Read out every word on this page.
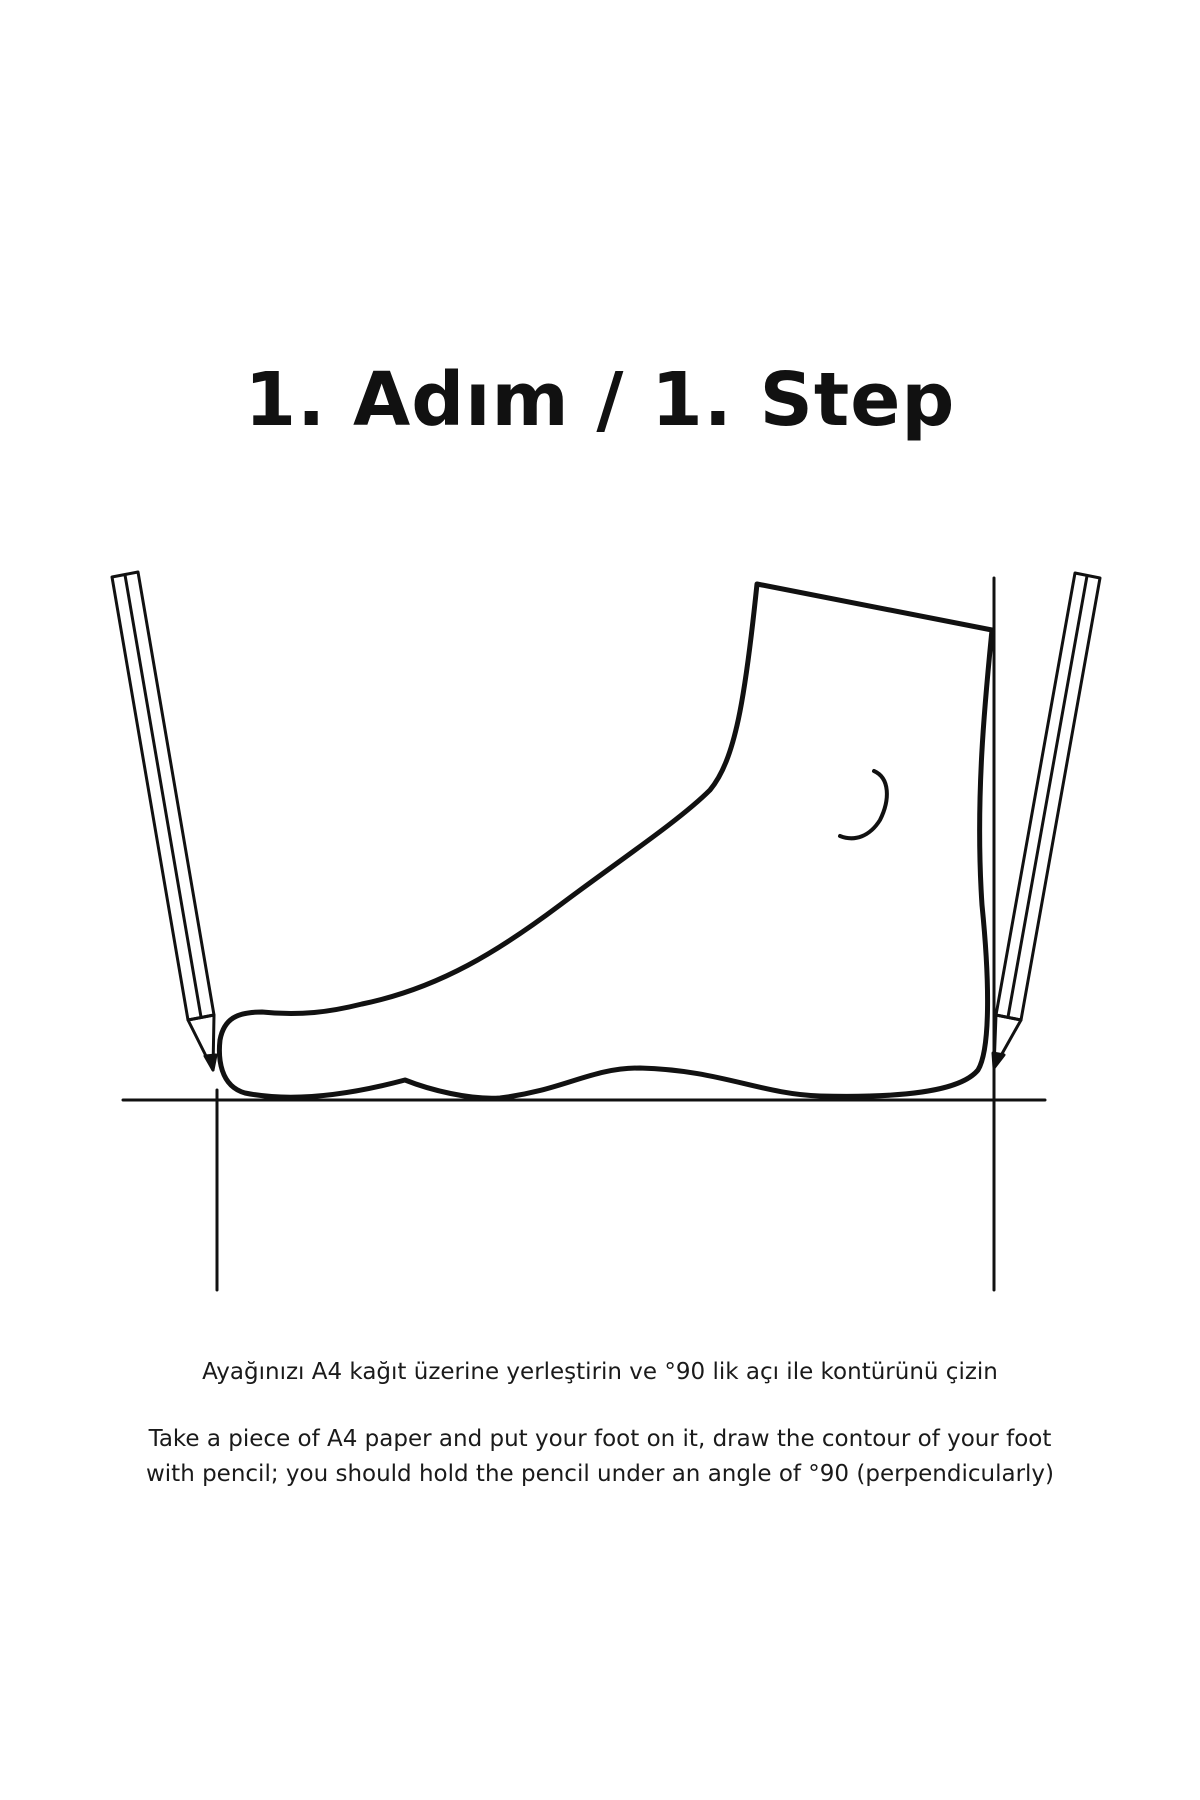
1. Adım / 1. Step

Ayağınızı A4 kağıt üzerine yerleştirin ve °90 lik açı ile kontürünü çizin

Take a piece of A4 paper and put your foot on it, draw the contour of your foot
with pencil; you should hold the pencil under an angle of °90 (perpendicularly)
